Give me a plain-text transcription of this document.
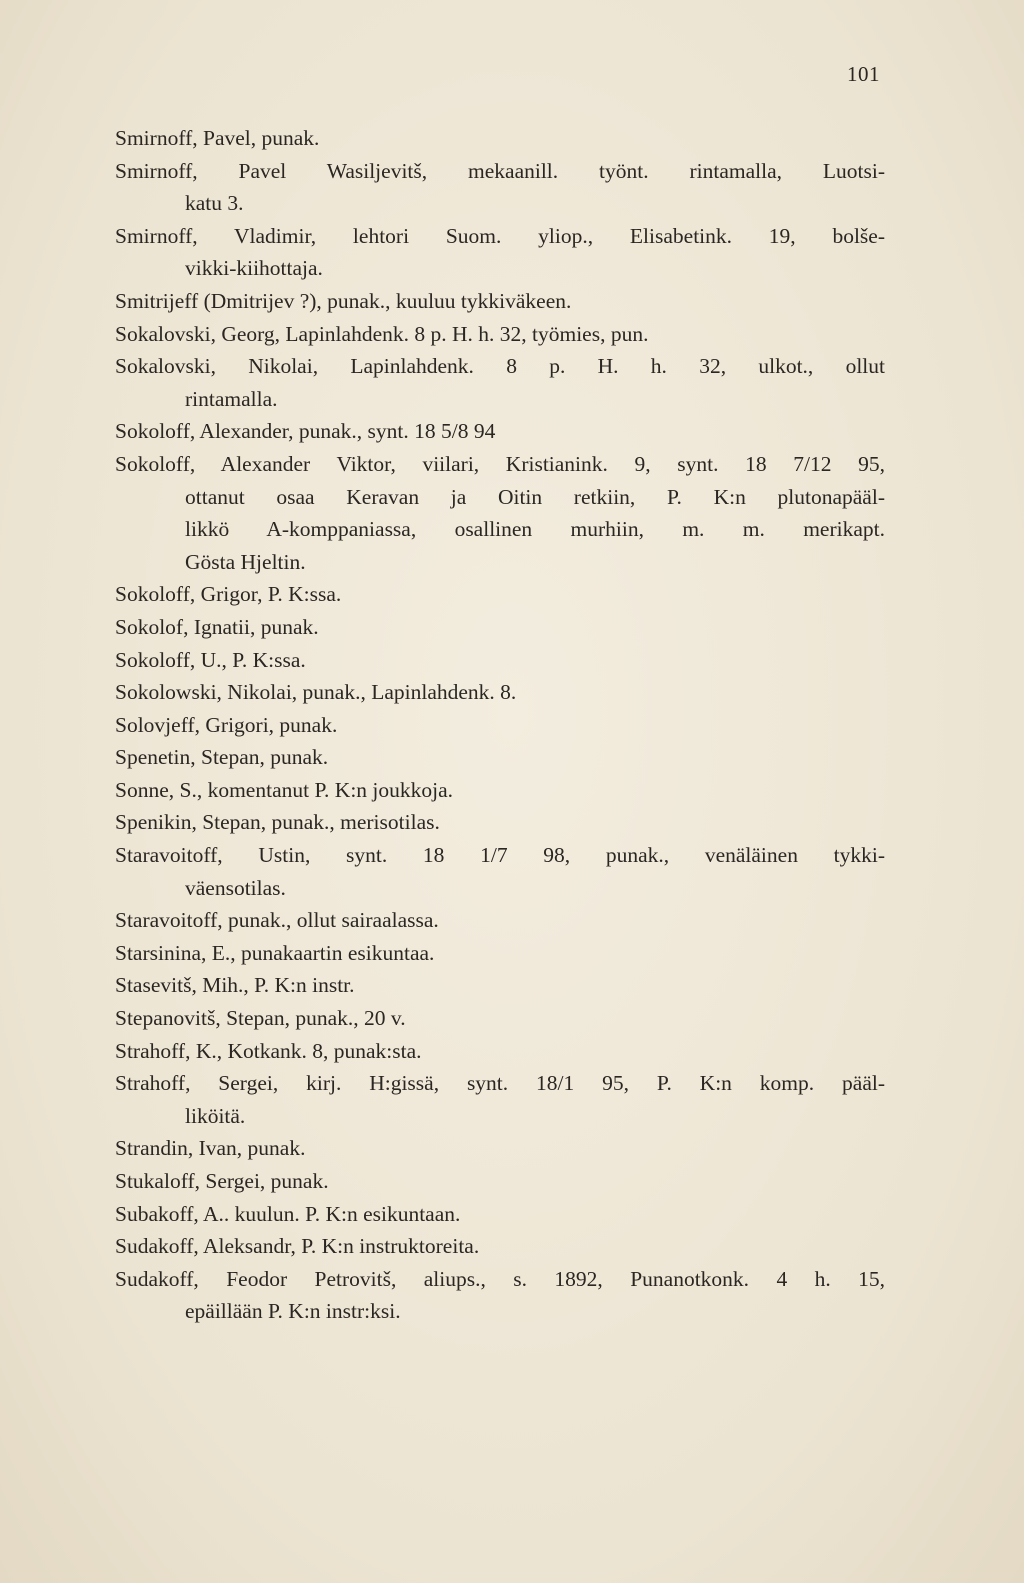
101
Smirnoff, Pavel, punak.
Smirnoff, Pavel Wasiljevitš, mekaanill. työnt. rintamalla, Luotsi-
katu 3.
Smirnoff, Vladimir, lehtori Suom. yliop., Elisabetink. 19, bolše-
vikki-kiihottaja.
Smitrijeff (Dmitrijev ?), punak., kuuluu tykkiväkeen.
Sokalovski, Georg, Lapinlahdenk. 8 p. H. h. 32, työmies, pun.
Sokalovski, Nikolai, Lapinlahdenk. 8 p. H. h. 32, ulkot., ollut
rintamalla.
Sokoloff, Alexander, punak., synt. 18 5/8 94
Sokoloff, Alexander Viktor, viilari, Kristianink. 9, synt. 18 7/12 95,
ottanut osaa Keravan ja Oitin retkiin, P. K:n plutonapääl-
likkö A-komppaniassa, osallinen murhiin, m. m. merikapt.
Gösta Hjeltin.
Sokoloff, Grigor, P. K:ssa.
Sokolof, Ignatii, punak.
Sokoloff, U., P. K:ssa.
Sokolowski, Nikolai, punak., Lapinlahdenk. 8.
Solovjeff, Grigori, punak.
Spenetin, Stepan, punak.
Sonne, S., komentanut P. K:n joukkoja.
Spenikin, Stepan, punak., merisotilas.
Staravoitoff, Ustin, synt. 18 1/7 98, punak., venäläinen tykki-
väensotilas.
Staravoitoff, punak., ollut sairaalassa.
Starsinina, E., punakaartin esikuntaa.
Stasevitš, Mih., P. K:n instr.
Stepanovitš, Stepan, punak., 20 v.
Strahoff, K., Kotkank. 8, punak:sta.
Strahoff, Sergei, kirj. H:gissä, synt. 18/1 95, P. K:n komp. pääl-
liköitä.
Strandin, Ivan, punak.
Stukaloff, Sergei, punak.
Subakoff, A.. kuulun. P. K:n esikuntaan.
Sudakoff, Aleksandr, P. K:n instruktoreita.
Sudakoff, Feodor Petrovitš, aliups., s. 1892, Punanotkonk. 4 h. 15,
epäillään P. K:n instr:ksi.
